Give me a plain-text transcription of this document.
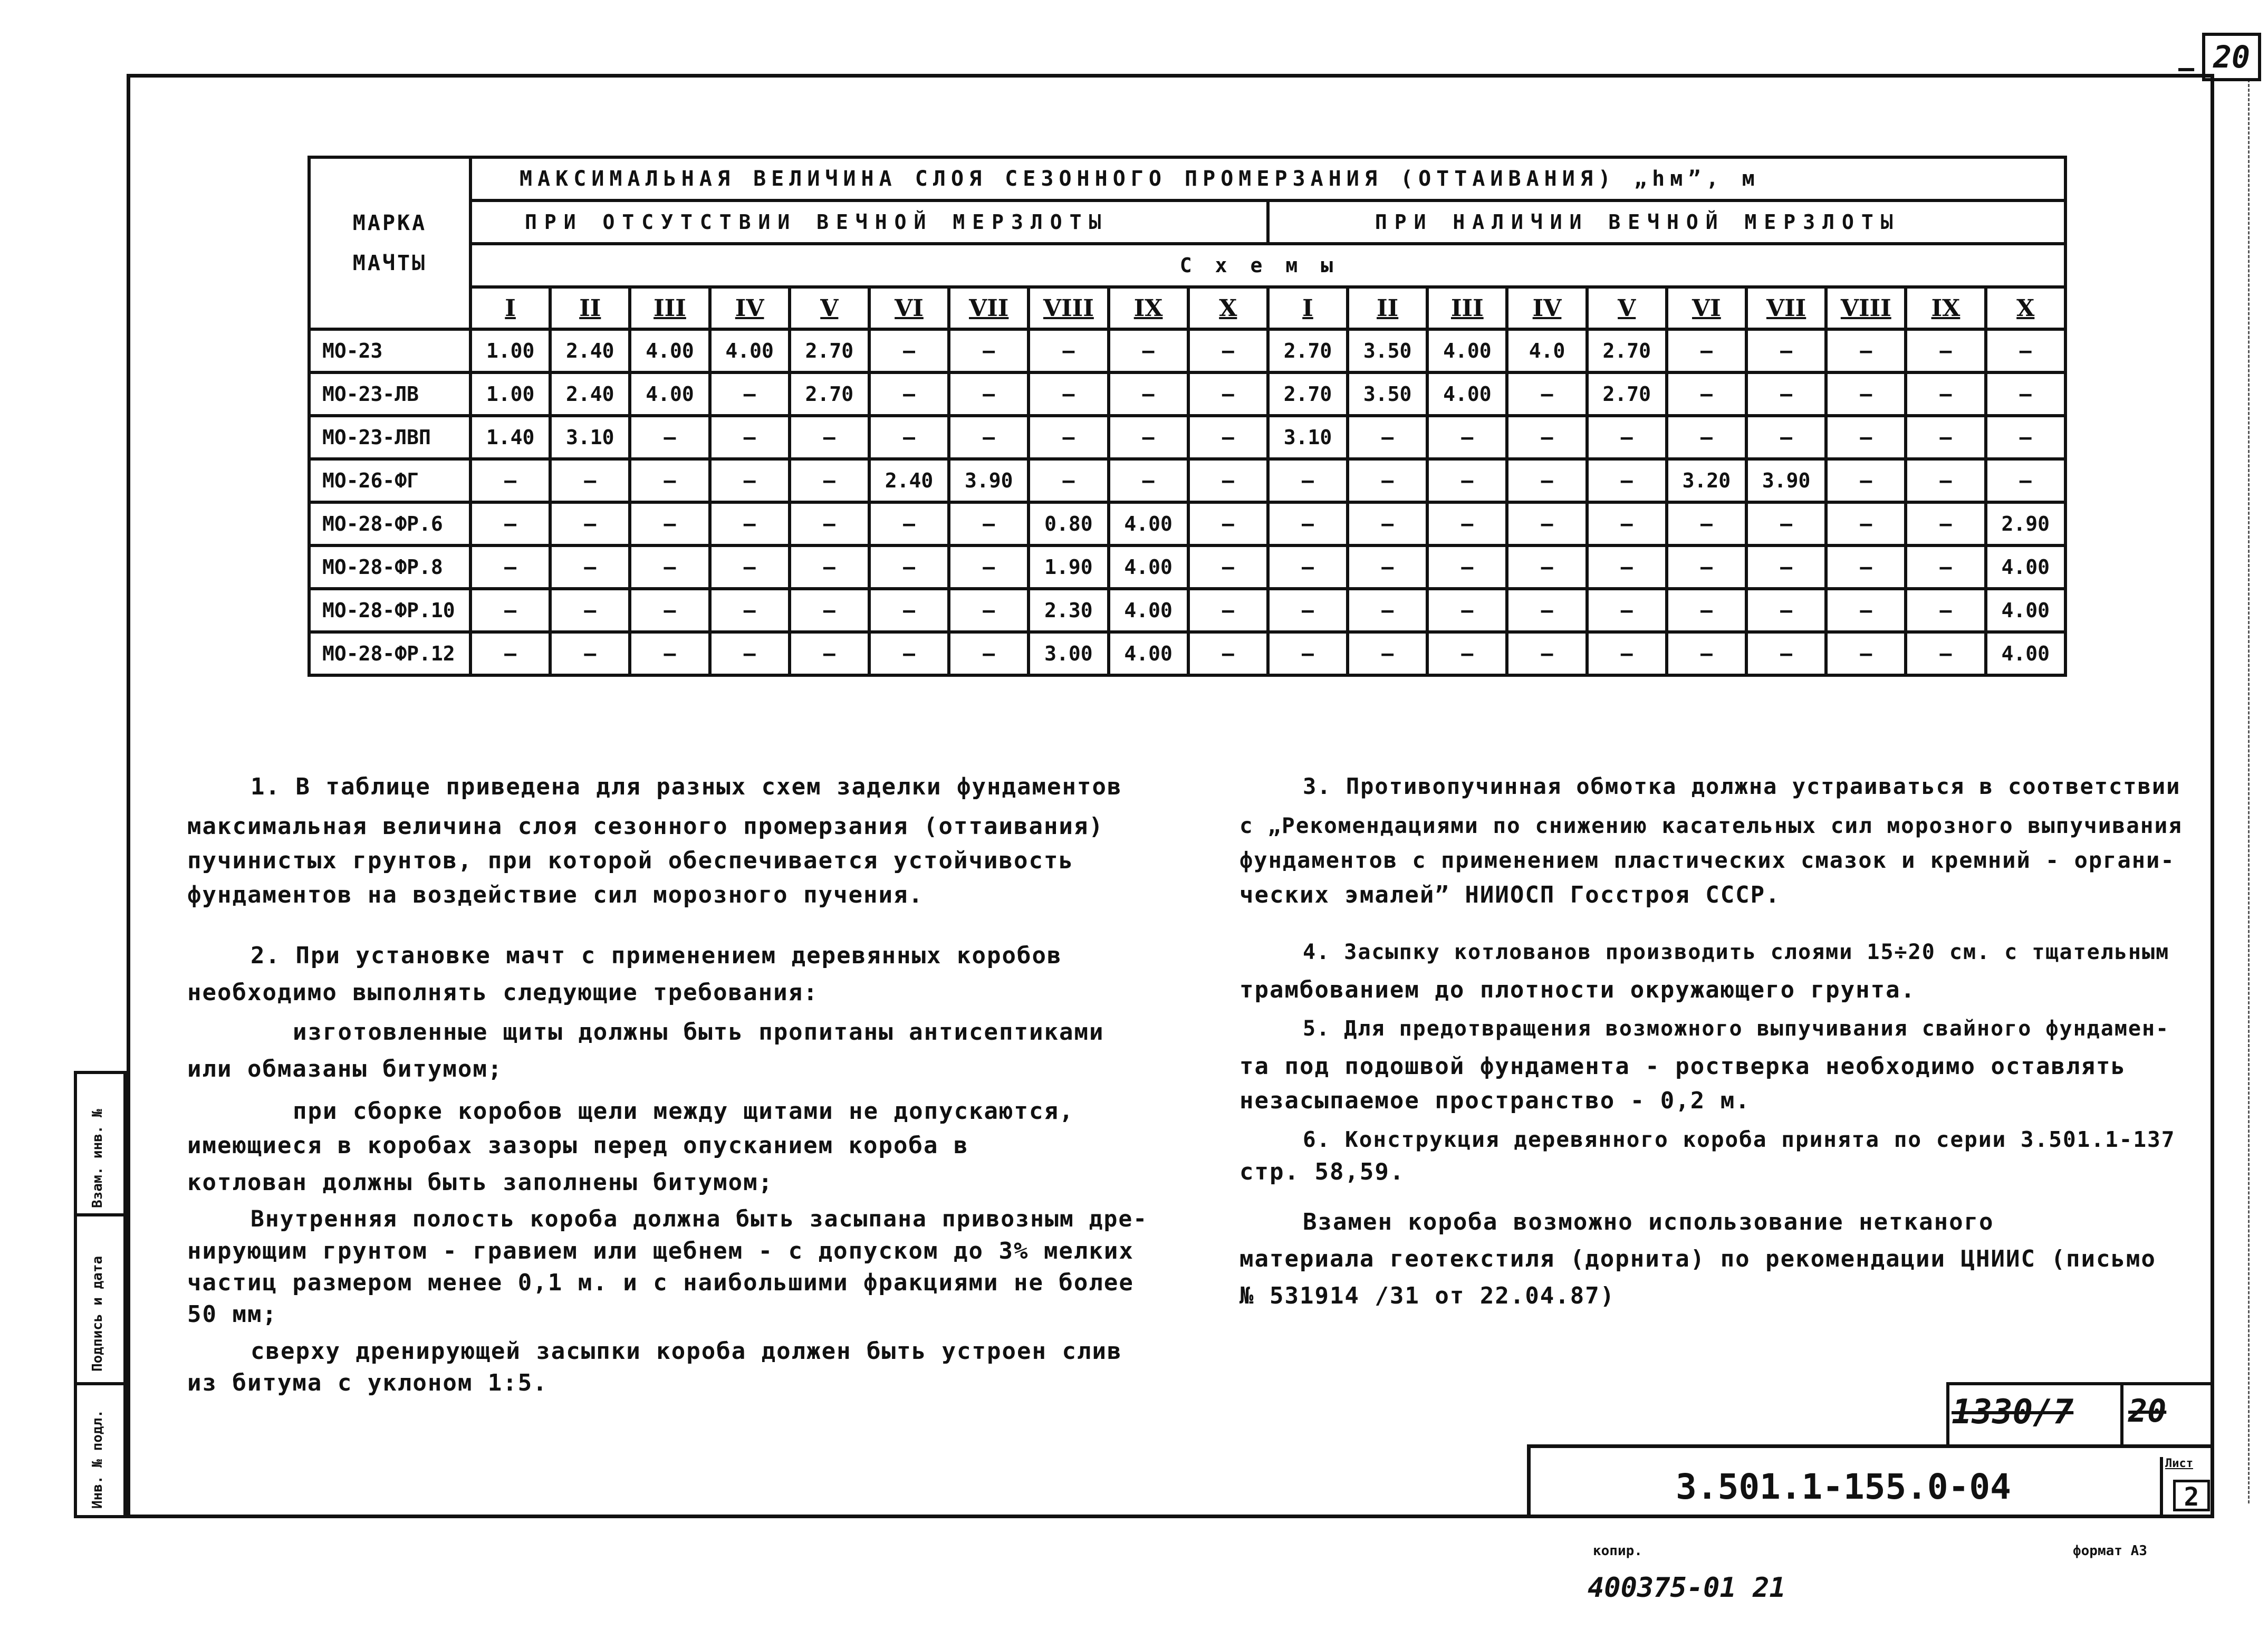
– 20
МАРКА МАЧТЫ	МАКСИМАЛЬНАЯ ВЕЛИЧИНА СЛОЯ СЕЗОННОГО ПРОМЕРЗАНИЯ (ОТТАИВАНИЯ) „hм”, м																			
	ПРИ ОТСУТСТВИИ ВЕЧНОЙ МЕРЗЛОТЫ										ПРИ НАЛИЧИИ ВЕЧНОЙ МЕРЗЛОТЫ									
	Схемы																			
	I	II	III	IV	V	VI	VII	VIII	IX	X	I	II	III	IV	V	VI	VII	VIII	IX	X
МО-23	1.00	2.40	4.00	4.00	2.70	—	—	—	—	—	2.70	3.50	4.00	4.0	2.70	—	—	—	—	—
МО-23-ЛВ	1.00	2.40	4.00	—	2.70	—	—	—	—	—	2.70	3.50	4.00	—	2.70	—	—	—	—	—
МО-23-ЛВП	1.40	3.10	—	—	—	—	—	—	—	—	3.10	—	—	—	—	—	—	—	—	—
МО-26-ФГ	—	—	—	—	—	2.40	3.90	—	—	—	—	—	—	—	—	3.20	3.90	—	—	—
МО-28-ФР.6	—	—	—	—	—	—	—	0.80	4.00	—	—	—	—	—	—	—	—	—	—	2.90
МО-28-ФР.8	—	—	—	—	—	—	—	1.90	4.00	—	—	—	—	—	—	—	—	—	—	4.00
МО-28-ФР.10	—	—	—	—	—	—	—	2.30	4.00	—	—	—	—	—	—	—	—	—	—	4.00
МО-28-ФР.12	—	—	—	—	—	—	—	3.00	4.00	—	—	—	—	—	—	—	—	—	—	4.00
1. В таблице приведена для разных схем заделки фундаментов
максимальная величина слоя сезонного промерзания (оттаивания)
пучинистых грунтов, при которой обеспечивается устойчивость
фундаментов на воздействие сил морозного пучения.
2. При установке мачт с применением деревянных коробов
необходимо выполнять следующие требования:
изготовленные щиты должны быть пропитаны антисептиками
или обмазаны битумом;
при сборке коробов щели между щитами не допускаются,
имеющиеся в коробах зазоры перед опусканием короба в
котлован должны быть заполнены битумом;
Внутренняя полость короба должна быть засыпана привозным дре-
нирующим грунтом - гравием или щебнем - с допуском до 3% мелких
частиц размером менее 0,1 м. и с наибольшими фракциями не более
50 мм;
сверху дренирующей засыпки короба должен быть устроен слив
из битума с уклоном 1:5.
3. Противопучинная обмотка должна устраиваться в соответствии
с „Рекомендациями по снижению касательных сил морозного выпучивания
фундаментов с применением пластических смазок и кремний - органи-
ческих эмалей” НИИОСП Госстроя СССР.
4. Засыпку котлованов производить слоями 15÷20 см. с тщательным
трамбованием до плотности окружающего грунта.
5. Для предотвращения возможного выпучивания свайного фундамен-
та под подошвой фундамента - ростверка необходимо оставлять
незасыпаемое пространство - 0,2 м.
6. Конструкция деревянного короба принята по серии 3.501.1-137
стр. 58,59.
Взамен короба возможно использование нетканого
материала геотекстиля (дорнита) по рекомендации ЦНИИС (письмо
№ 531914 /31 от 22.04.87)
1330/7	20
3.501.1-155.0-04
Лист
2
копир.	формат А3
400375-01 21
Взам. инв. №
Подпись и дата
Инв. № подл.
